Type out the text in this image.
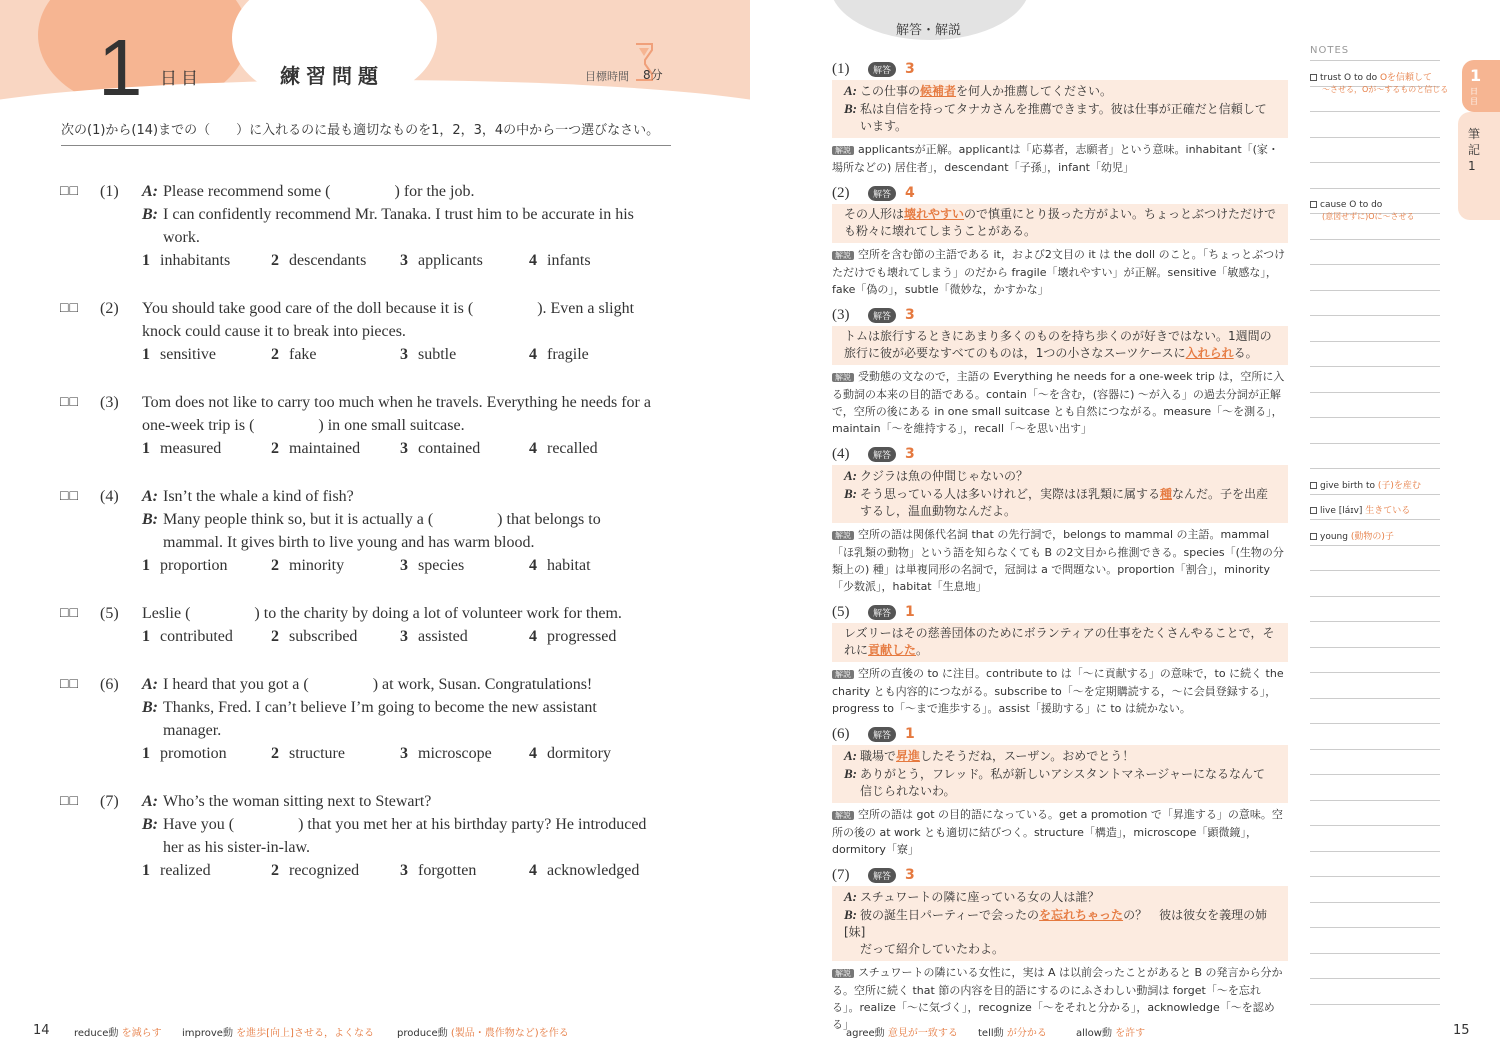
1 日目	練習問題	目標時間 8分
次の(1)から(14)までの（　　）に入れるのに最も適切なものを1，2，3，4の中から一つ選びなさい。
□□ (1) A: Please recommend some (　　　　) for the job.
B: I can confidently recommend Mr. Tanaka. I trust him to be accurate in his
work.
1 inhabitants	2 descendants	3 applicants	4 infants
□□ (2) You should take good care of the doll because it is (　　　　). Even a slight
knock could cause it to break into pieces.
1 sensitive	2 fake	3 subtle	4 fragile
□□ (3) Tom does not like to carry too much when he travels. Everything he needs for a
one-week trip is (　　　　) in one small suitcase.
1 measured	2 maintained	3 contained	4 recalled
□□ (4) A: Isn’t the whale a kind of fish?
B: Many people think so, but it is actually a (　　　　) that belongs to
mammal. It gives birth to live young and has warm blood.
1 proportion	2 minority	3 species	4 habitat
□□ (5) Leslie (　　　　) to the charity by doing a lot of volunteer work for them.
1 contributed	2 subscribed	3 assisted	4 progressed
□□ (6) A: I heard that you got a (　　　　) at work, Susan. Congratulations!
B: Thanks, Fred. I can’t believe I’m going to become the new assistant
manager.
1 promotion	2 structure	3 microscope	4 dormitory
□□ (7) A: Who’s the woman sitting next to Stewart?
B: Have you (　　　　) that you met her at his birthday party? He introduced
her as his sister-in-law.
1 realized	2 recognized	3 forgotten	4 acknowledged
14 reduce動 を減らす improve動 を進歩[向上]させる，よくなる produce動 (製品・農作物など)を作る
解答・解説
(1)	解答	3
A: この仕事の候補者を何人か推薦してください。
B: 私は自信を持ってタナカさんを推薦できます。彼は仕事が正確だと信頼して
います。
解説 applicantsが正解。applicantは「応募者，志願者」という意味。inhabitant「(家・場所などの) 居住者」，descendant「子孫」，infant「幼児」
(2)	解答	4
その人形は壊れやすいので慎重にとり扱った方がよい。ちょっとぶつけただけで
も粉々に壊れてしまうことがある。
解説 空所を含む節の主語である it，および2文目の it は the doll のこと。「ちょっとぶつけただけでも壊れてしまう」のだから fragile「壊れやすい」が正解。sensitive「敏感な」，fake「偽の」，subtle「微妙な，かすかな」
(3)	解答	3
トムは旅行するときにあまり多くのものを持ち歩くのが好きではない。1週間の
旅行に彼が必要なすべてのものは，1つの小さなスーツケースに入れられる。
解説 受動態の文なので，主語の Everything he needs for a one-week trip は，空所に入る動詞の本来の目的語である。contain「～を含む，(容器に) ～が入る」の過去分詞が正解で，空所の後にある in one small suitcase とも自然につながる。measure「～を測る」，maintain「～を維持する」，recall「～を思い出す」
(4)	解答	3
A: クジラは魚の仲間じゃないの？
B: そう思っている人は多いけれど，実際はほ乳類に属する種なんだ。子を出産
するし，温血動物なんだよ。
解説 空所の語は関係代名詞 that の先行詞で，belongs to mammal の主語。mammal「ほ乳類の動物」という語を知らなくても B の2文目から推測できる。species「(生物の分類上の) 種」は単複同形の名詞で，冠詞は a で問題ない。proportion「割合」，minority「少数派」，habitat「生息地」
(5)	解答	1
レズリーはその慈善団体のためにボランティアの仕事をたくさんやることで，そ
れに貢献した。
解説 空所の直後の to に注目。contribute to は「～に貢献する」の意味で，to に続く the charity とも内容的につながる。subscribe to「～を定期購読する，～に会員登録する」，progress to「～まで進歩する」。assist「援助する」に to は続かない。
(6)	解答	1
A: 職場で昇進したそうだね，スーザン。おめでとう！
B: ありがとう，フレッド。私が新しいアシスタントマネージャーになるなんて
信じられないわ。
解説 空所の語は got の目的語になっている。get a promotion で「昇進する」の意味。空所の後の at work とも適切に結びつく。structure「構造」，microscope「顕微鏡」，dormitory「寮」
(7)	解答	3
A: スチュワートの隣に座っている女の人は誰？
B: 彼の誕生日パーティーで会ったのを忘れちゃったの？　彼は彼女を義理の姉 [妹]
だって紹介していたわよ。
解説 スチュワートの隣にいる女性に，実は A は以前会ったことがあると B の発言から分かる。空所に続く that 節の内容を目的語にするのにふさわしい動詞は forget「～を忘れる」。realize「～に気づく」，recognize「～をそれと分かる」，acknowledge「～を認める」
NOTES
trust O to do Oを信頼して
～させる，Oが～するものと信じる
cause O to do
(意図せずに)Oに～させる
give birth to (子)を産む
live [láɪv] 生きている
young (動物の)子
筆記1
1
日目
15
agree動 意見が一致する tell動 が分かる	allow動 を許す
